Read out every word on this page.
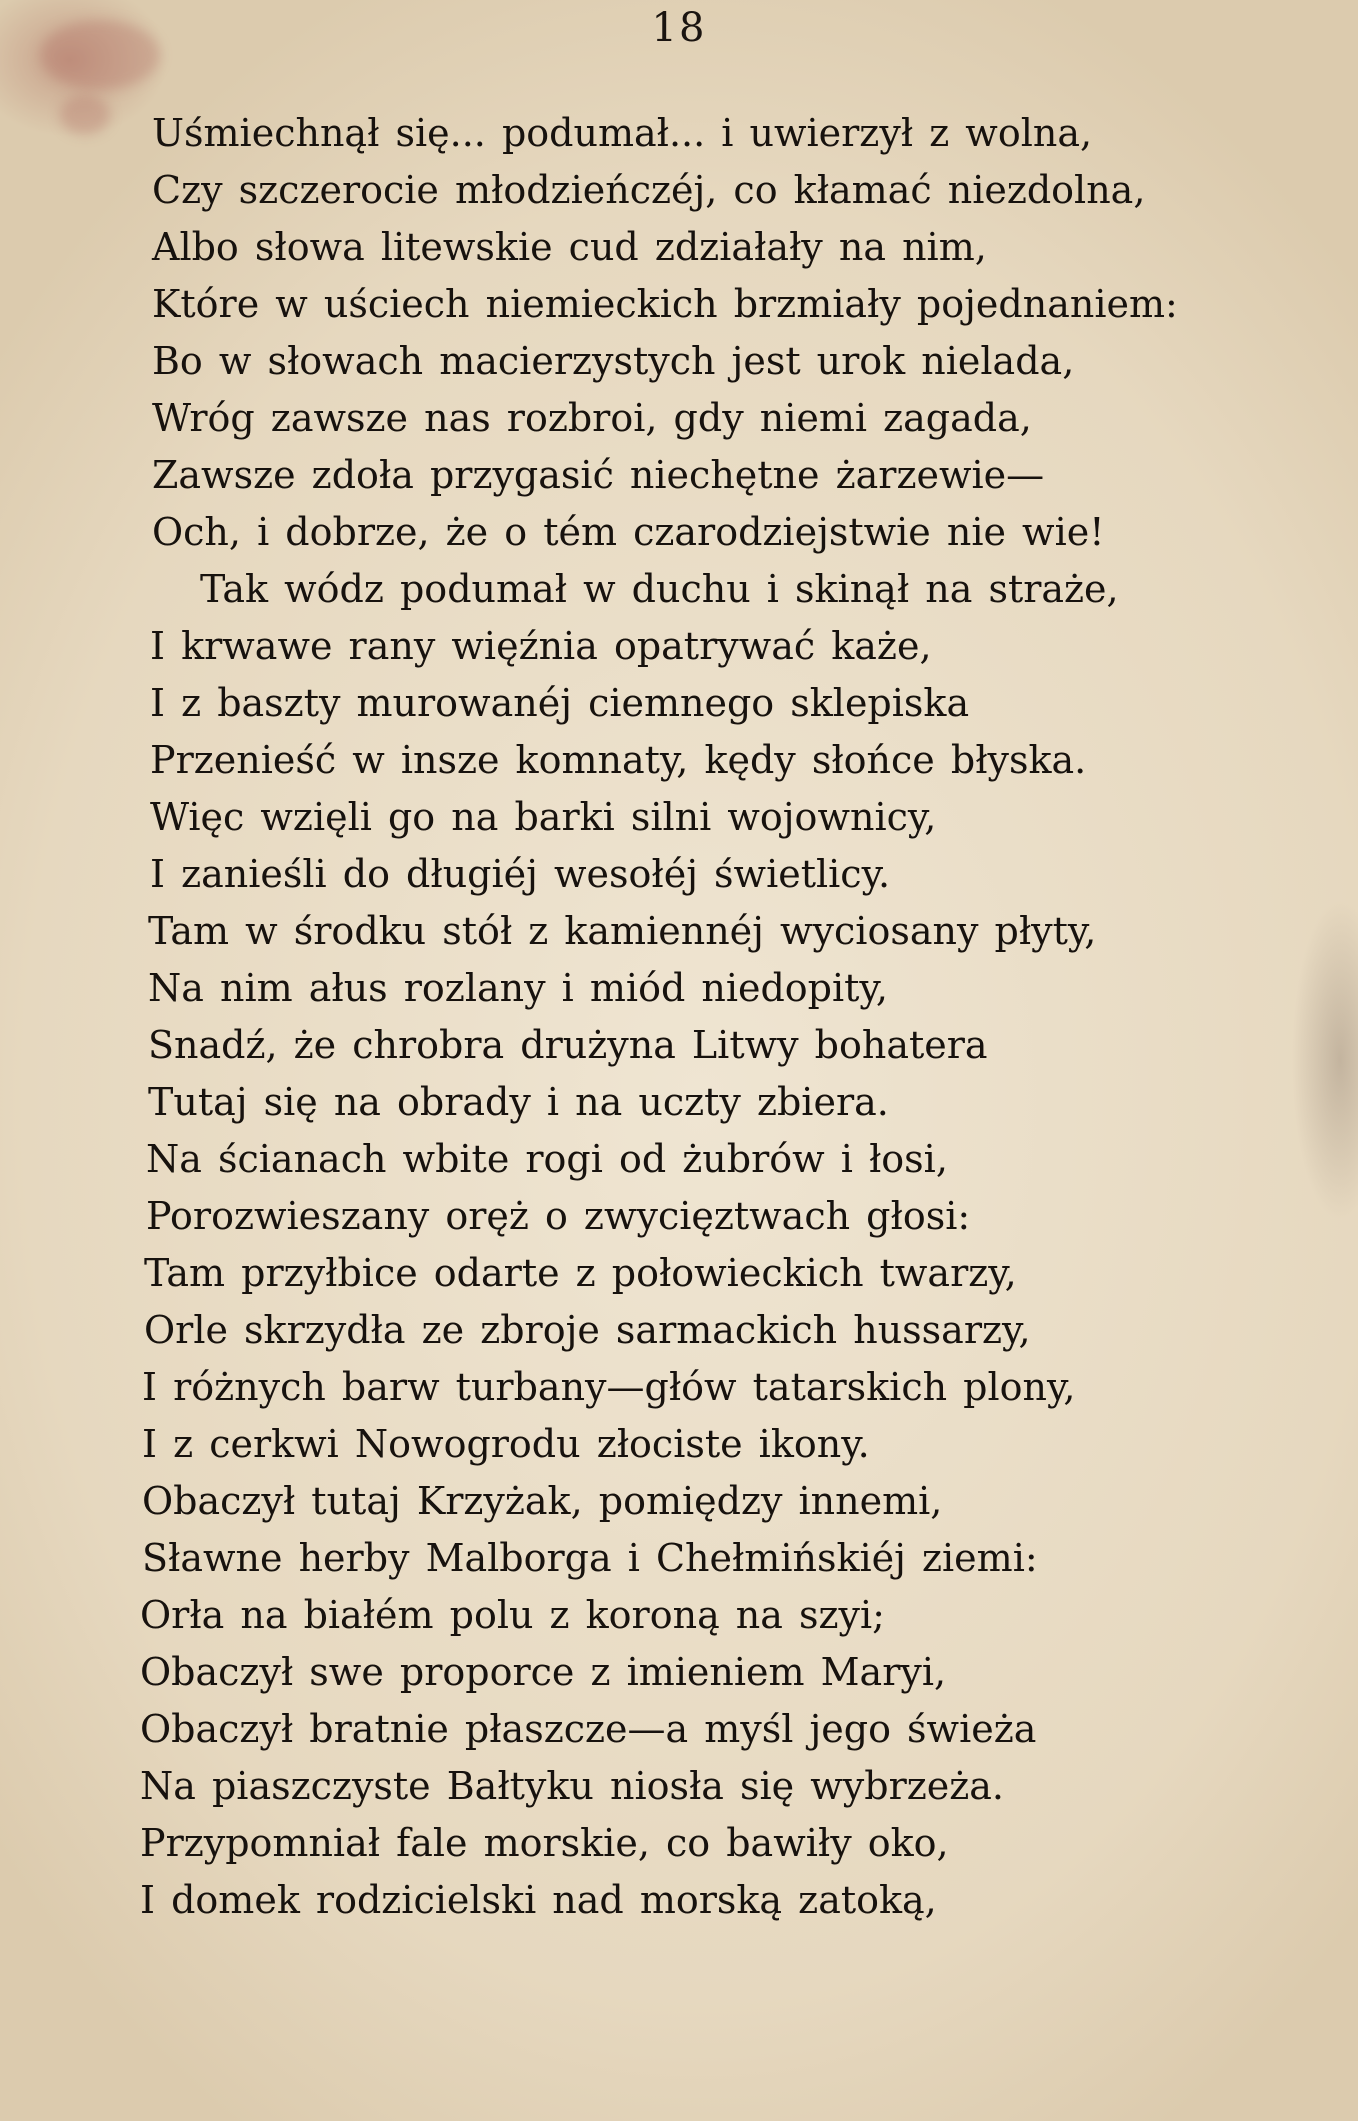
18
Uśmiechnął się... podumał... i uwierzył z wolna,
Czy szczerocie młodzieńczéj, co kłamać niezdolna,
Albo słowa litewskie cud zdziałały na nim,
Które w uściech niemieckich brzmiały pojednaniem:
Bo w słowach macierzystych jest urok nielada,
Wróg zawsze nas rozbroi, gdy niemi zagada,
Zawsze zdoła przygasić niechętne żarzewie—
Och, i dobrze, że o tém czarodziejstwie nie wie!
Tak wódz podumał w duchu i skinął na straże,
I krwawe rany więźnia opatrywać każe,
I z baszty murowanéj ciemnego sklepiska
Przenieść w insze komnaty, kędy słońce błyska.
Więc wzięli go na barki silni wojownicy,
I zanieśli do długiéj wesołéj świetlicy.
Tam w środku stół z kamiennéj wyciosany płyty,
Na nim ałus rozlany i miód niedopity,
Snadź, że chrobra drużyna Litwy bohatera
Tutaj się na obrady i na uczty zbiera.
Na ścianach wbite rogi od żubrów i łosi,
Porozwieszany oręż o zwycięztwach głosi:
Tam przyłbice odarte z połowieckich twarzy,
Orle skrzydła ze zbroje sarmackich hussarzy,
I różnych barw turbany—głów tatarskich plony,
I z cerkwi Nowogrodu złociste ikony.
Obaczył tutaj Krzyżak, pomiędzy innemi,
Sławne herby Malborga i Chełmińskiéj ziemi:
Orła na białém polu z koroną na szyi;
Obaczył swe proporce z imieniem Maryi,
Obaczył bratnie płaszcze—a myśl jego świeża
Na piaszczyste Bałtyku niosła się wybrzeża.
Przypomniał fale morskie, co bawiły oko,
I domek rodzicielski nad morską zatoką,
